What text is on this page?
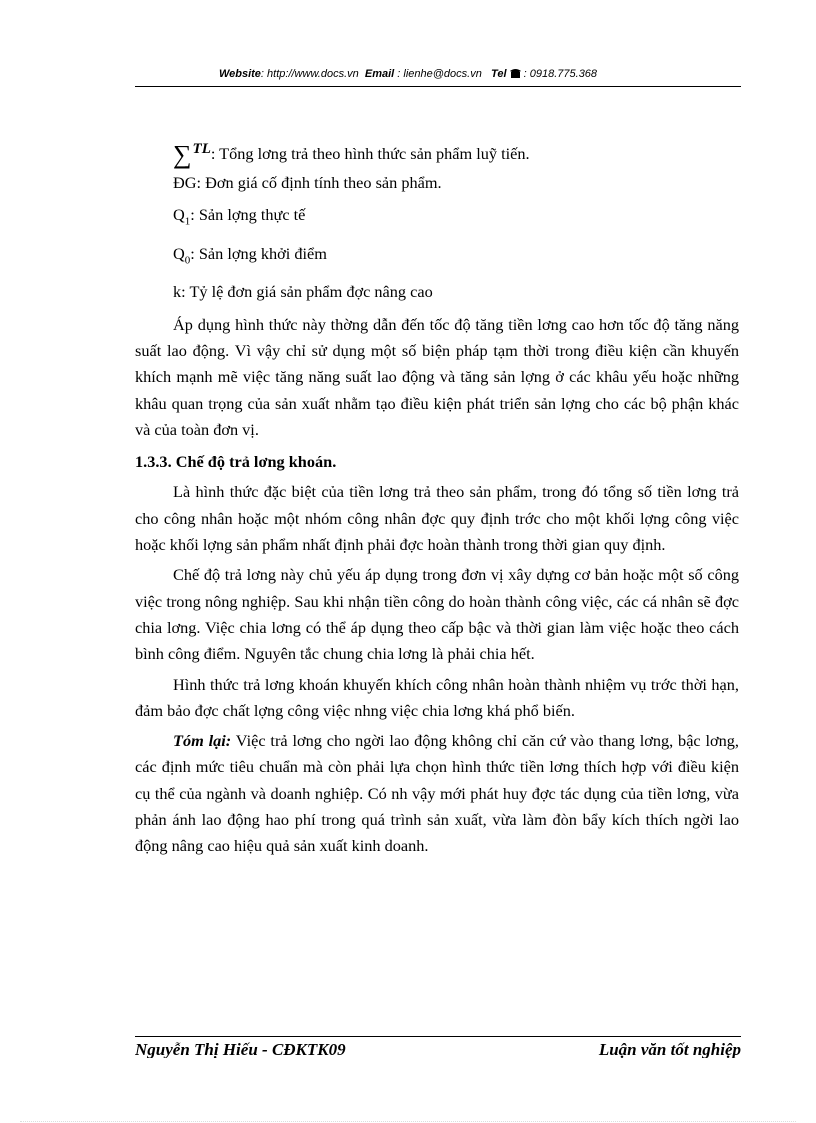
Website: http://www.docs.vn Email : lienhe@docs.vn Tel : 0918.775.368

∑TL: Tổng lơng trả theo hình thức sản phẩm luỹ tiến.

ĐG: Đơn giá cố định tính theo sản phẩm.

$Q_1$: Sản lợng thực tế

$Q_0$: Sản lợng khởi điểm

k: Tỷ lệ đơn giá sản phẩm đợc nâng cao

Áp dụng hình thức này thờng dẫn đến tốc độ tăng tiền lơng cao hơn tốc độ tăng năng suất lao động. Vì vậy chỉ sử dụng một số biện pháp tạm thời trong điều kiện cần khuyến khích mạnh mẽ việc tăng năng suất lao động và tăng sản lợng ở các khâu yếu hoặc những khâu quan trọng của sản xuất nhằm tạo điều kiện phát triển sản lợng cho các bộ phận khác và của toàn đơn vị.

1.3.3. Chế độ trả lơng khoán.

Là hình thức đặc biệt của tiền lơng trả theo sản phẩm, trong đó tổng số tiền lơng trả cho công nhân hoặc một nhóm công nhân đợc quy định trớc cho một khối lợng công việc hoặc khối lợng sản phẩm nhất định phải đợc hoàn thành trong thời gian quy định.

Chế độ trả lơng này chủ yếu áp dụng trong đơn vị xây dựng cơ bản hoặc một số công việc trong nông nghiệp. Sau khi nhận tiền công do hoàn thành công việc, các cá nhân sẽ đợc chia lơng. Việc chia lơng có thể áp dụng theo cấp bậc và thời gian làm việc hoặc theo cách bình công điểm. Nguyên tắc chung chia lơng là phải chia hết.

Hình thức trả lơng khoán khuyến khích công nhân hoàn thành nhiệm vụ trớc thời hạn, đảm bảo đợc chất lợng công việc nhng việc chia lơng khá phổ biến.

Tóm lại: Việc trả lơng cho ngời lao động không chỉ căn cứ vào thang lơng, bậc lơng, các định mức tiêu chuẩn mà còn phải lựa chọn hình thức tiền lơng thích hợp với điều kiện cụ thể của ngành và doanh nghiệp. Có nh vậy mới phát huy đợc tác dụng của tiền lơng, vừa phản ánh lao động hao phí trong quá trình sản xuất, vừa làm đòn bẩy kích thích ngời lao động nâng cao hiệu quả sản xuất kinh doanh.

Nguyễn Thị Hiếu - CĐKTK09	Luận văn tốt nghiệp
